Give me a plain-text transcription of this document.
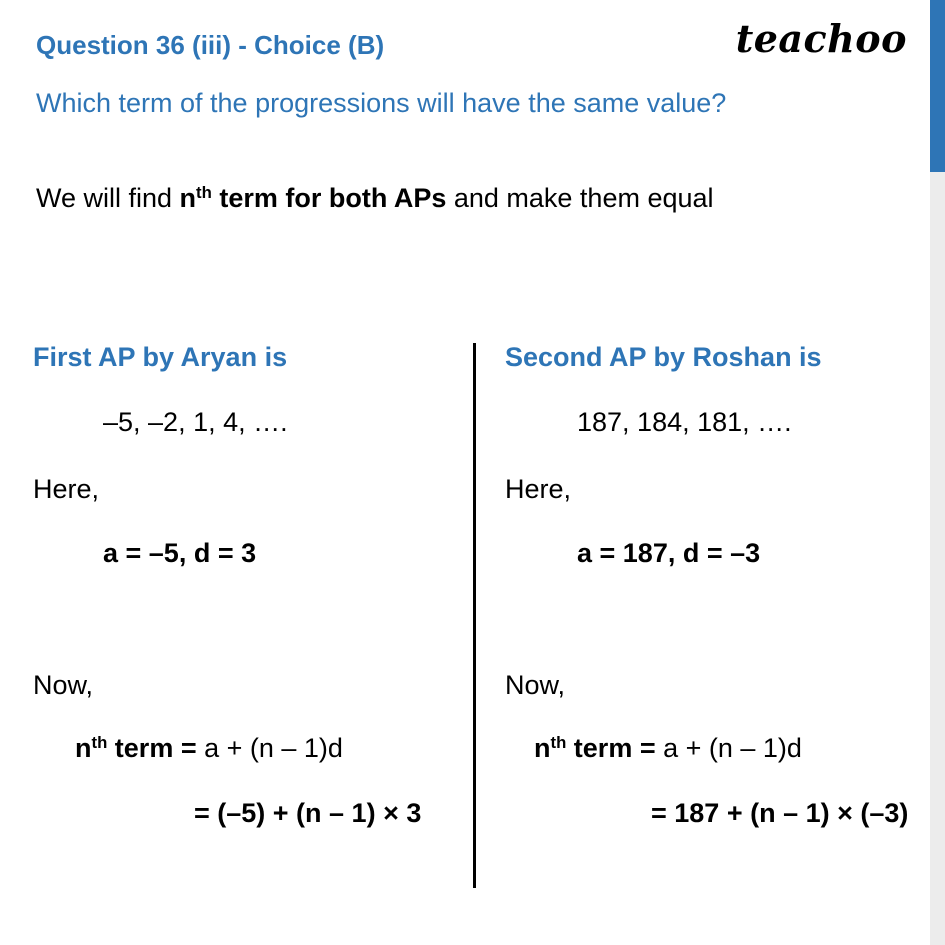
Question 36 (iii) - Choice (B)
Which term of the progressions will have the same value?
teachoo
We will find $n^{th}$ term for both APs and make them equal
First AP by Aryan is
–5, –2, 1, 4, ….
Here,
a = –5, d = 3
Now,
$n^{th}$ term = a + (n – 1)d
= (–5) + (n – 1) × 3
Second AP by Roshan is
187, 184, 181, ….
Here,
a = 187, d = –3
Now,
$n^{th}$ term = a + (n – 1)d
= 187 + (n – 1) × (–3)
